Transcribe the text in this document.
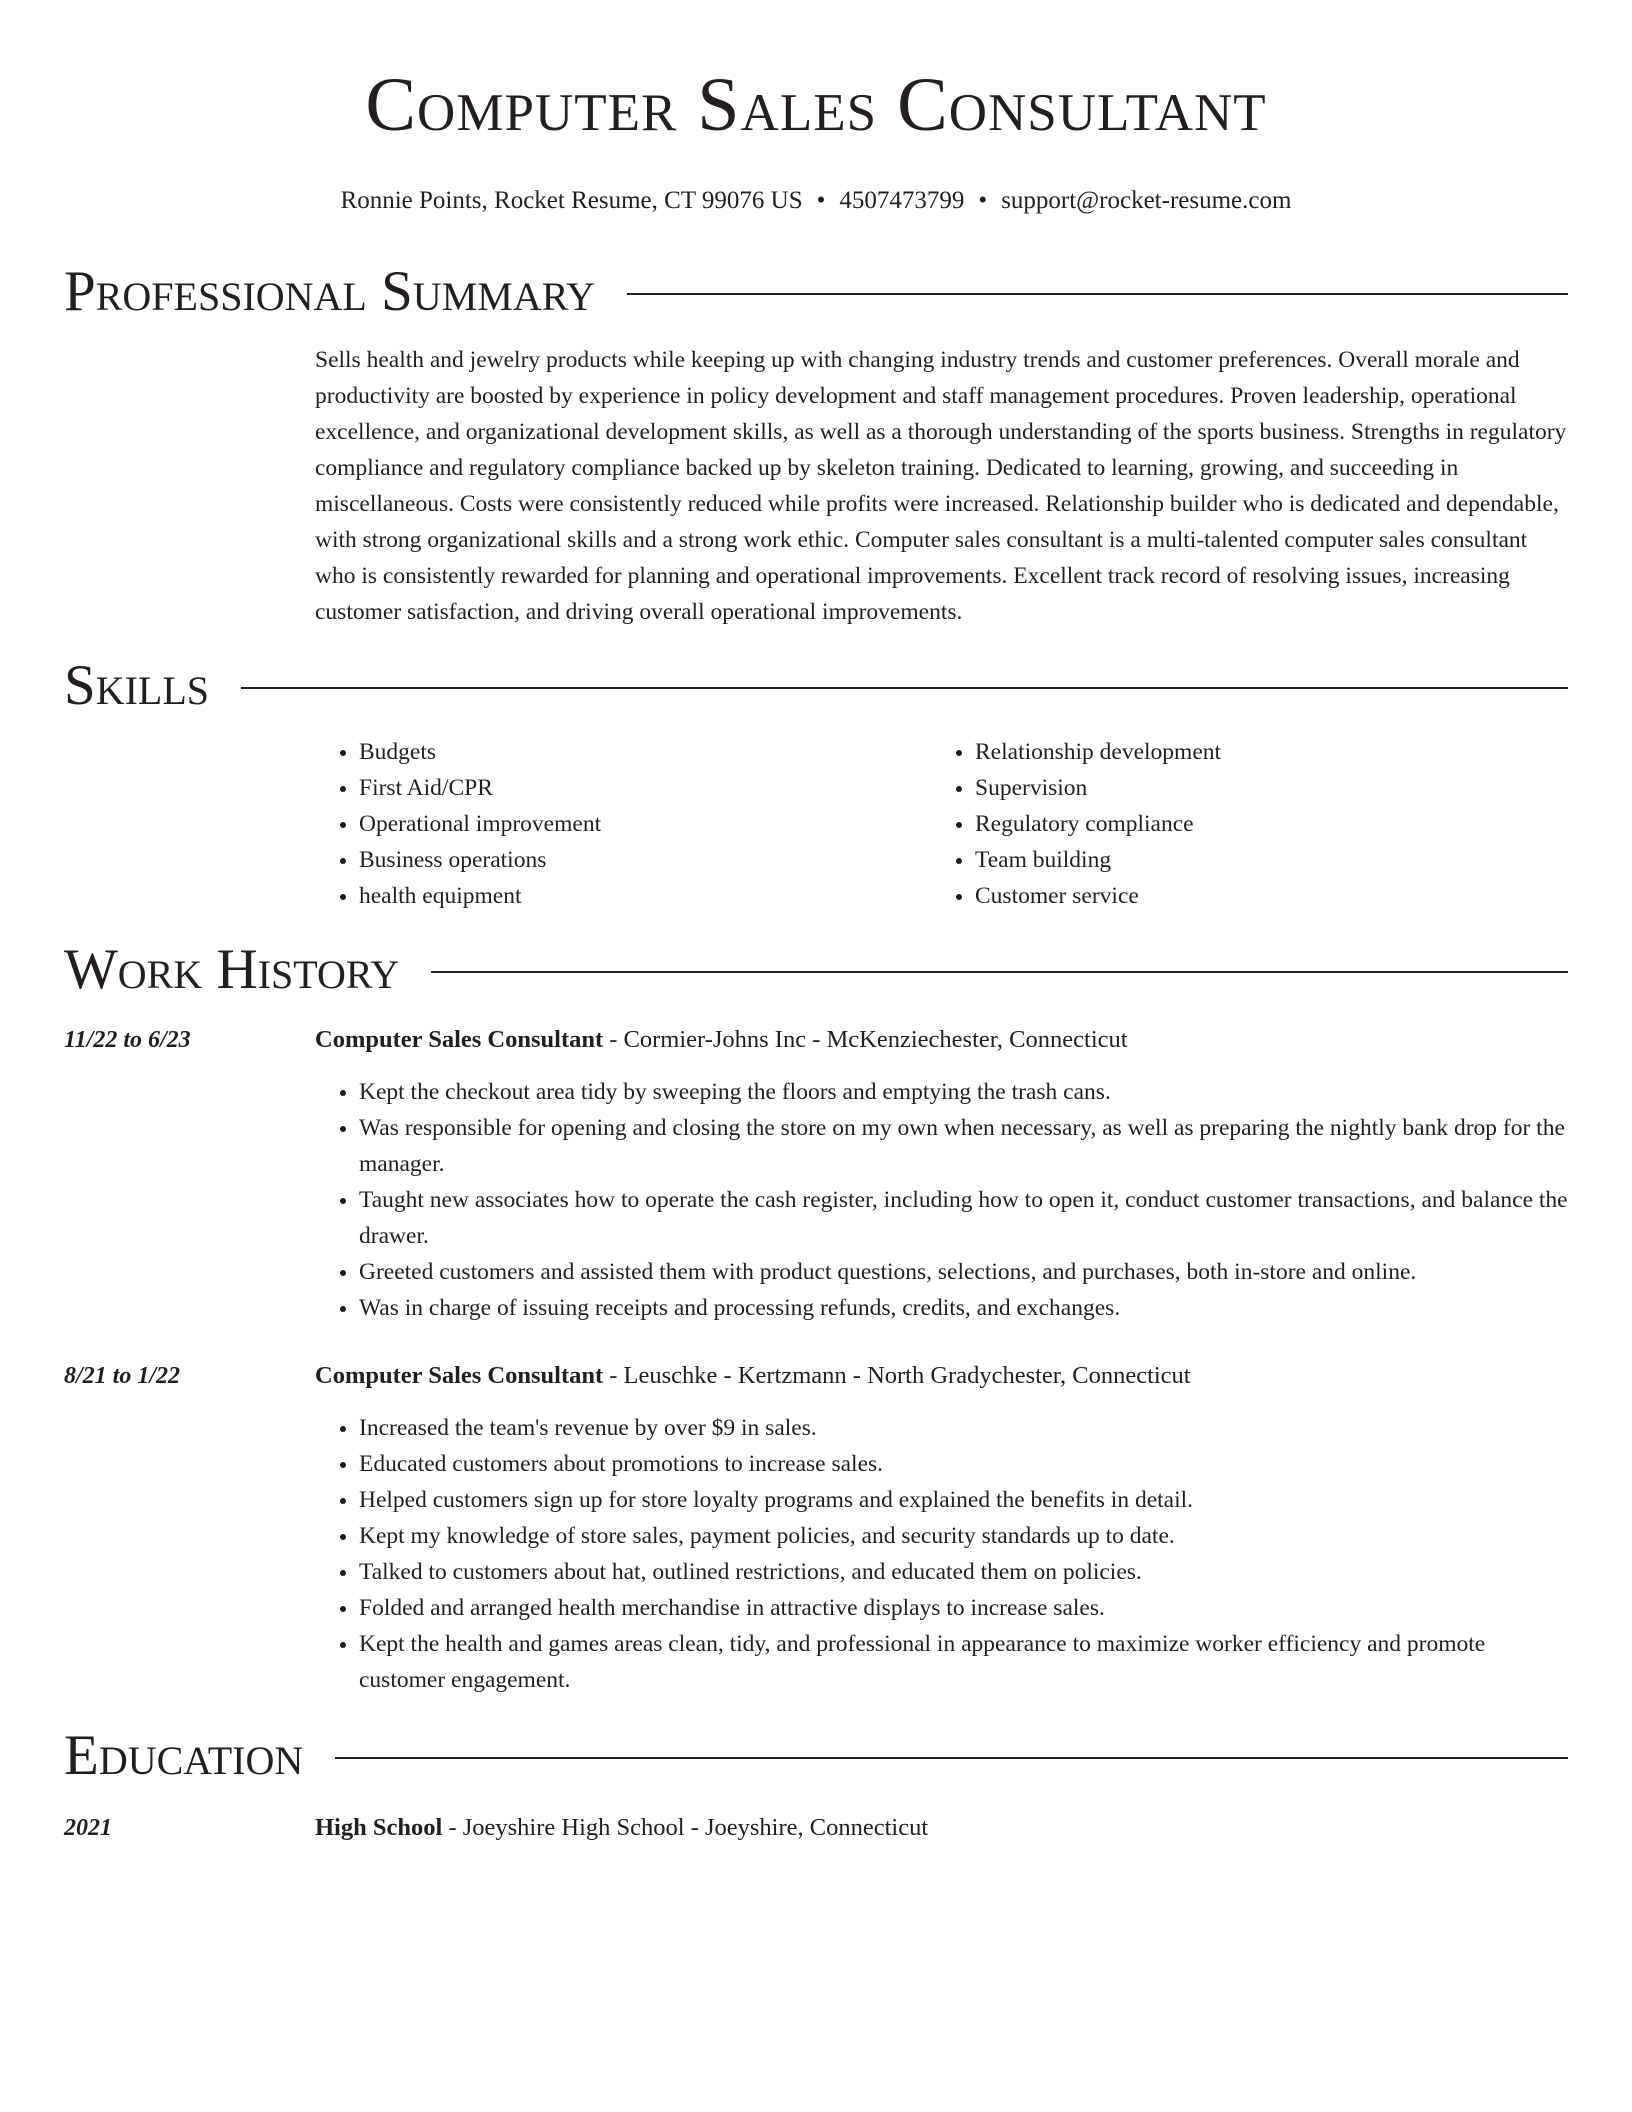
Computer Sales Consultant
Ronnie Points, Rocket Resume, CT 99076 US • 4507473799 • support@rocket-resume.com
Professional Summary

Sells health and jewelry products while keeping up with changing industry trends and customer preferences. Overall morale and productivity are boosted by experience in policy development and staff management procedures. Proven leadership, operational excellence, and organizational development skills, as well as a thorough understanding of the sports business. Strengths in regulatory compliance and regulatory compliance backed up by skeleton training. Dedicated to learning, growing, and succeeding in miscellaneous. Costs were consistently reduced while profits were increased. Relationship builder who is dedicated and dependable, with strong organizational skills and a strong work ethic. Computer sales consultant is a multi-talented computer sales consultant who is consistently rewarded for planning and operational improvements. Excellent track record of resolving issues, increasing customer satisfaction, and driving overall operational improvements.

Skills
• Budgets
• First Aid/CPR
• Operational improvement
• Business operations
• health equipment
• Relationship development
• Supervision
• Regulatory compliance
• Team building
• Customer service
Work History
11/22 to 6/23	Computer Sales Consultant - Cormier-Johns Inc - McKenziechester, Connecticut
• Kept the checkout area tidy by sweeping the floors and emptying the trash cans.
• Was responsible for opening and closing the store on my own when necessary, as well as preparing the nightly bank drop for the manager.
• Taught new associates how to operate the cash register, including how to open it, conduct customer transactions, and balance the drawer.
• Greeted customers and assisted them with product questions, selections, and purchases, both in-store and online.
• Was in charge of issuing receipts and processing refunds, credits, and exchanges.
8/21 to 1/22	Computer Sales Consultant - Leuschke - Kertzmann - North Gradychester, Connecticut
• Increased the team's revenue by over $9 in sales.
• Educated customers about promotions to increase sales.
• Helped customers sign up for store loyalty programs and explained the benefits in detail.
• Kept my knowledge of store sales, payment policies, and security standards up to date.
• Talked to customers about hat, outlined restrictions, and educated them on policies.
• Folded and arranged health merchandise in attractive displays to increase sales.
• Kept the health and games areas clean, tidy, and professional in appearance to maximize worker efficiency and promote customer engagement.
Education
2021	High School - Joeyshire High School - Joeyshire, Connecticut
